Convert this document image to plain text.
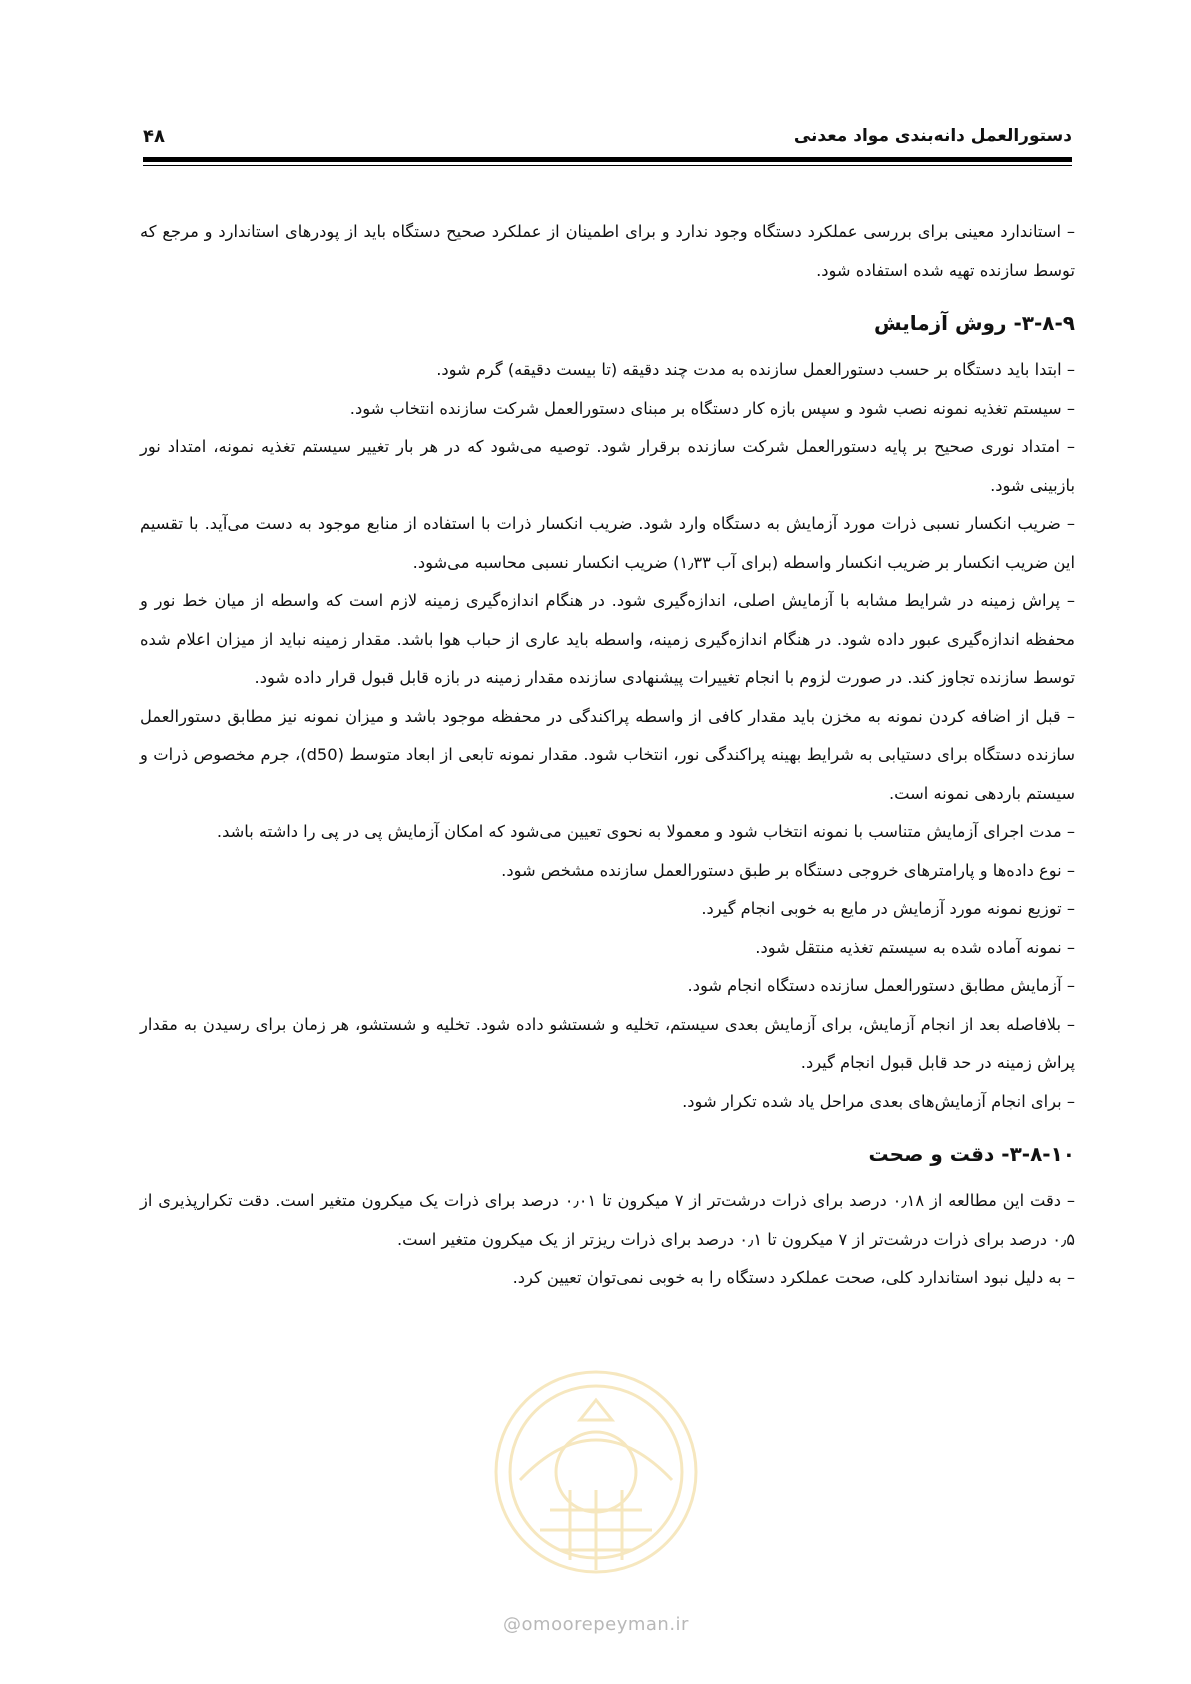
دستورالعمل دانه‌بندی مواد معدنی
۴۸

– استاندارد معینی برای بررسی عملکرد دستگاه وجود ندارد و برای اطمینان از عملکرد صحیح دستگاه باید از پودرهای استاندارد و مرجع که توسط سازنده تهیه شده استفاده شود.

۳-۸-۹- روش آزمایش

– ابتدا باید دستگاه بر حسب دستورالعمل سازنده به مدت چند دقیقه (تا بیست دقیقه) گرم شود.

– سیستم تغذیه نمونه نصب شود و سپس بازه کار دستگاه بر مبنای دستورالعمل شرکت سازنده انتخاب شود.

– امتداد نوری صحیح بر پایه دستورالعمل شرکت سازنده برقرار شود. توصیه می‌شود که در هر بار تغییر سیستم تغذیه نمونه، امتداد نور بازبینی شود.

– ضریب انکسار نسبی ذرات مورد آزمایش به دستگاه وارد شود. ضریب انکسار ذرات با استفاده از منابع موجود به دست می‌آید. با تقسیم این ضریب انکسار بر ضریب انکسار واسطه (برای آب ۱٫۳۳) ضریب انکسار نسبی محاسبه می‌شود.

– پراش زمینه در شرایط مشابه با آزمایش اصلی، اندازه‌گیری شود. در هنگام اندازه‌گیری زمینه لازم است که واسطه از میان خط نور و محفظه اندازه‌گیری عبور داده شود. در هنگام اندازه‌گیری زمینه، واسطه باید عاری از حباب هوا باشد. مقدار زمینه نباید از میزان اعلام شده توسط سازنده تجاوز کند. در صورت لزوم با انجام تغییرات پیشنهادی سازنده مقدار زمینه در بازه قابل قبول قرار داده شود.

– قبل از اضافه کردن نمونه به مخزن باید مقدار کافی از واسطه پراکندگی در محفظه موجود باشد و میزان نمونه نیز مطابق دستورالعمل سازنده دستگاه برای دستیابی به شرایط بهینه پراکندگی نور، انتخاب شود. مقدار نمونه تابعی از ابعاد متوسط (d50)، جرم مخصوص ذرات و سیستم باردهی نمونه است.

– مدت اجرای آزمایش متناسب با نمونه انتخاب شود و معمولا به نحوی تعیین می‌شود که امکان آزمایش پی در پی را داشته باشد.

– نوع داده‌ها و پارامترهای خروجی دستگاه بر طبق دستورالعمل سازنده مشخص شود.

– توزیع نمونه مورد آزمایش در مایع به خوبی انجام گیرد.

– نمونه آماده شده به سیستم تغذیه منتقل شود.

– آزمایش مطابق دستورالعمل سازنده دستگاه انجام شود.

– بلافاصله بعد از انجام آزمایش، برای آزمایش بعدی سیستم، تخلیه و شستشو داده شود. تخلیه و شستشو، هر زمان برای رسیدن به مقدار پراش زمینه در حد قابل قبول انجام گیرد.

– برای انجام آزمایش‌های بعدی مراحل یاد شده تکرار شود.

۳-۸-۱۰- دقت و صحت

– دقت این مطالعه از ۰٫۱۸ درصد برای ذرات درشت‌تر از ۷ میکرون تا ۰٫۰۱ درصد برای ذرات یک میکرون متغیر است. دقت تکرارپذیری از ۰٫۵ درصد برای ذرات درشت‌تر از ۷ میکرون تا ۰٫۱ درصد برای ذرات ریزتر از یک میکرون متغیر است.

– به دلیل نبود استاندارد کلی، صحت عملکرد دستگاه را به خوبی نمی‌توان تعیین کرد.

@omoorepeyman.ir
